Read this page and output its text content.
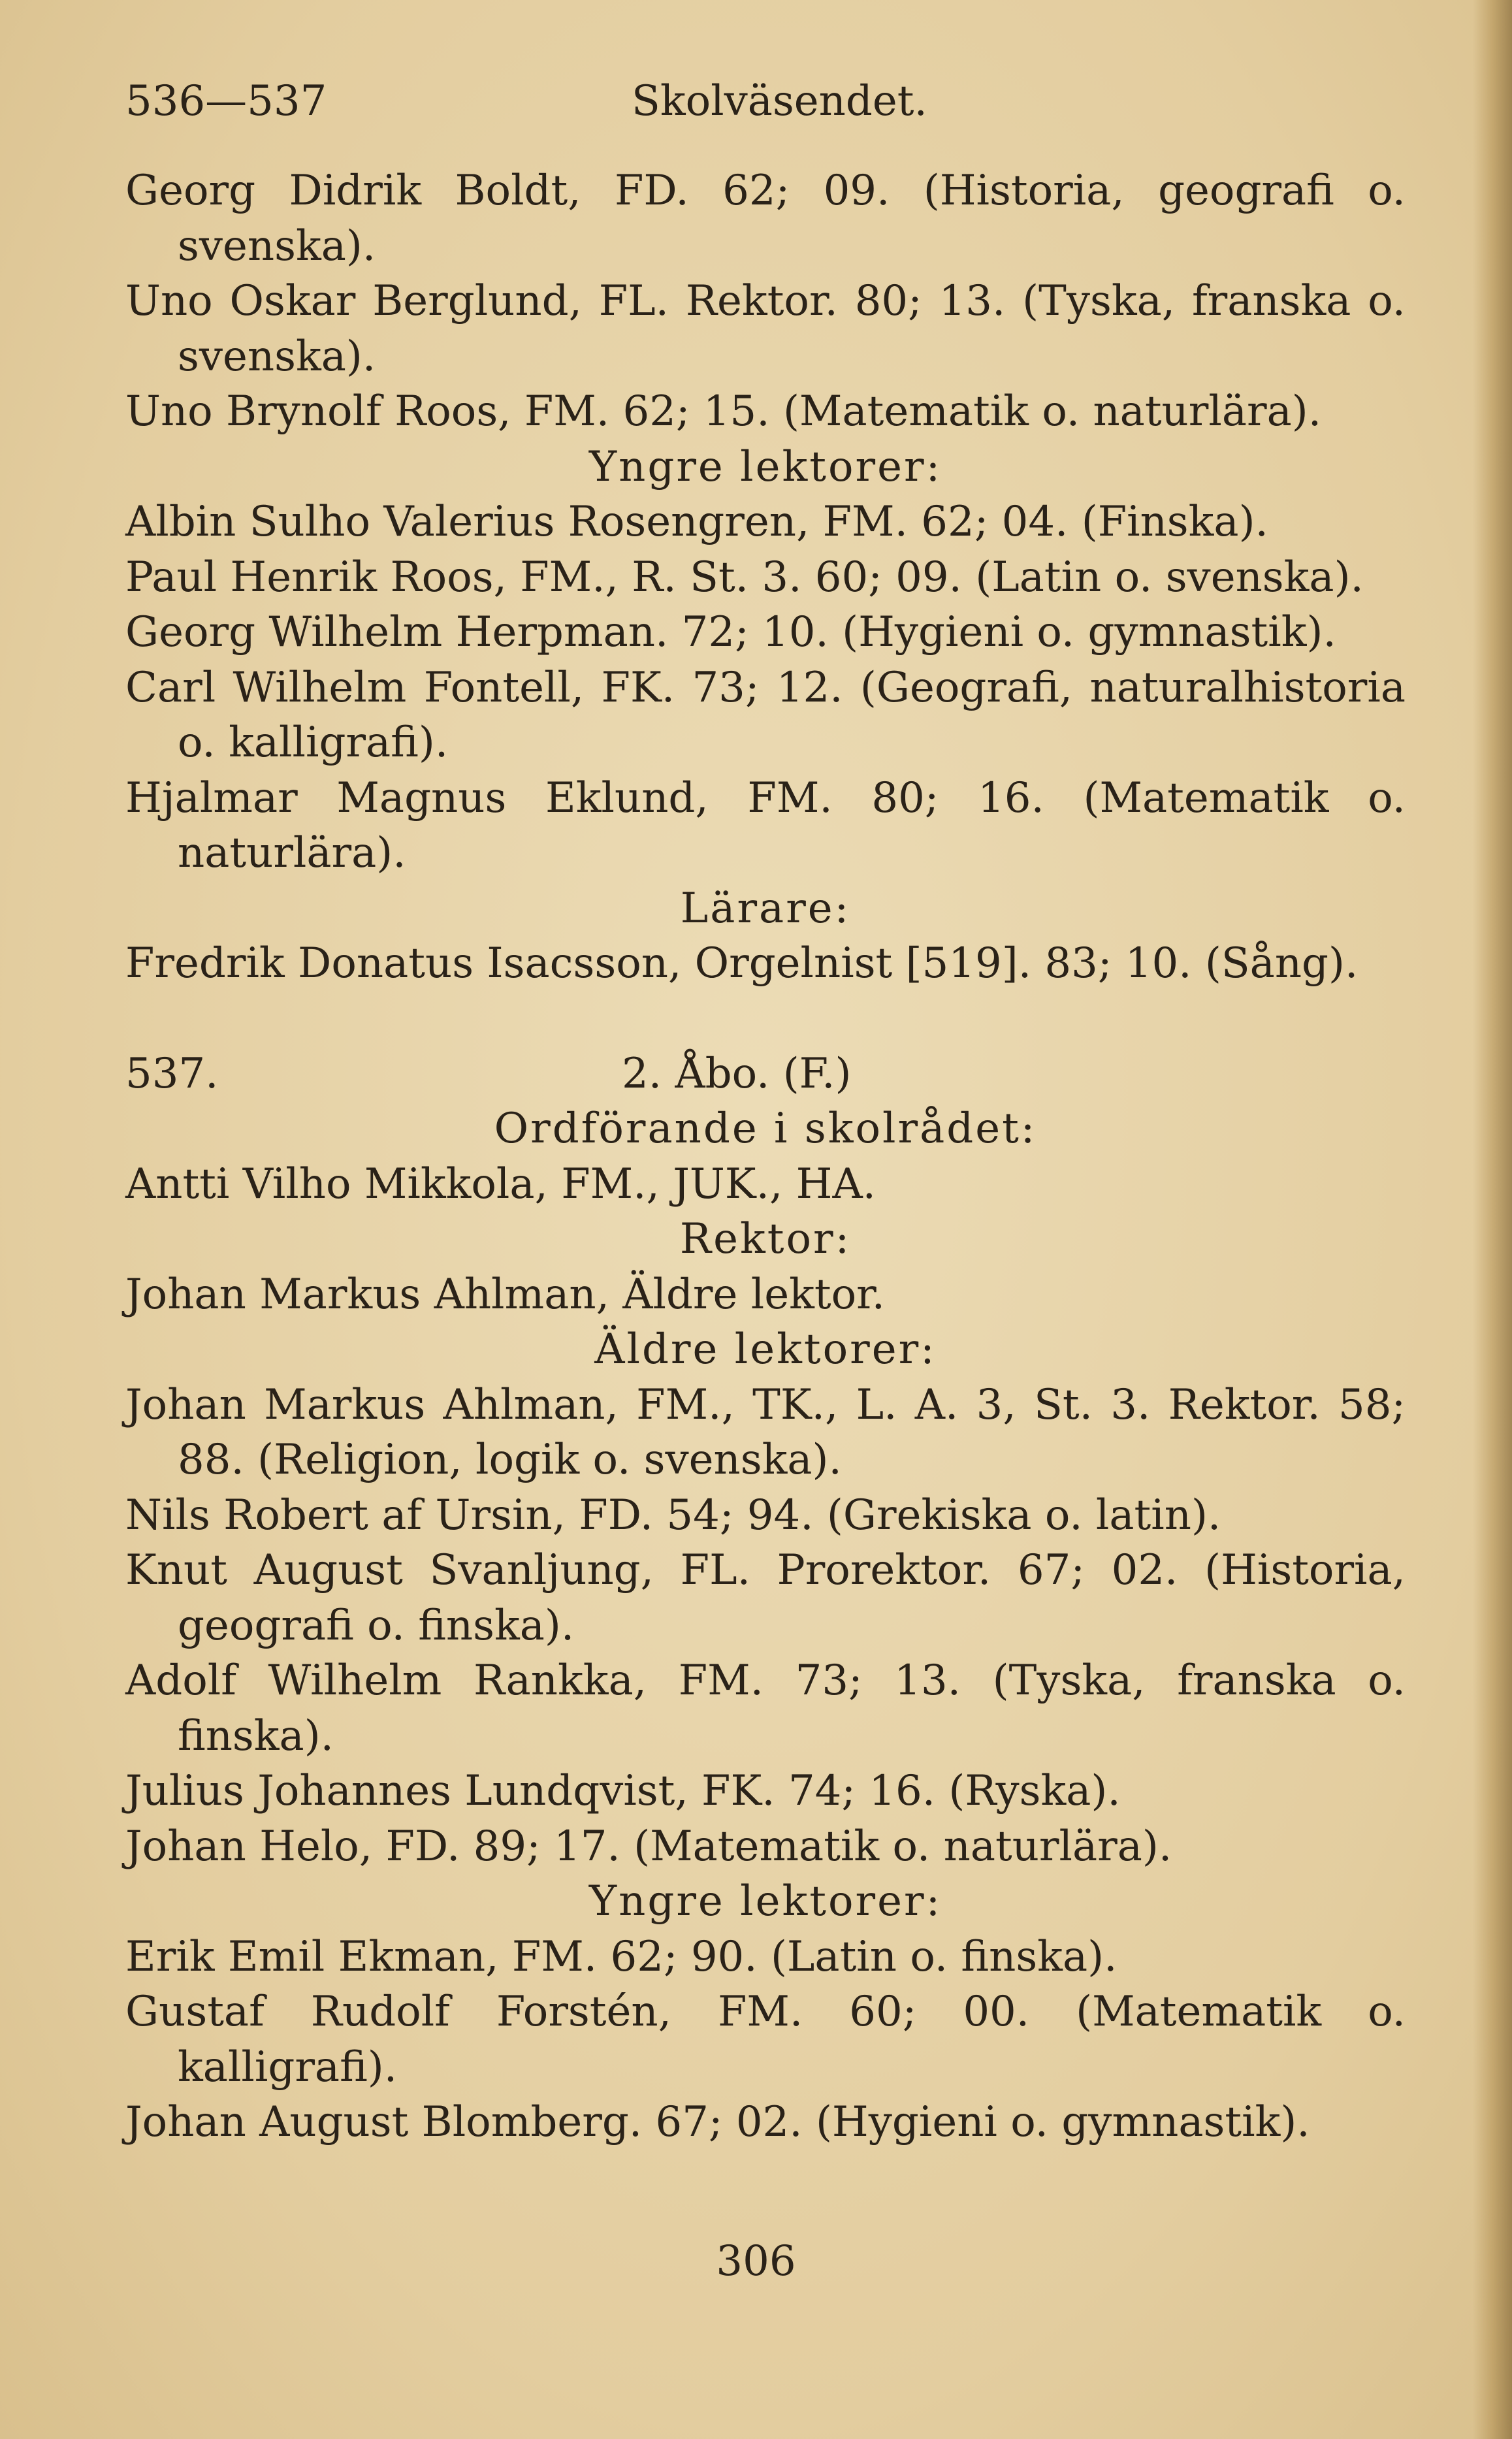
536—537	Skolväsendet.
Georg Didrik Boldt, FD. 62; 09. (Historia, geografi o. svenska).
Uno Oskar Berglund, FL. Rektor. 80; 13. (Tyska, franska o. svenska).
Uno Brynolf Roos, FM. 62; 15. (Matematik o. naturlära).
Yngre lektorer:
Albin Sulho Valerius Rosengren, FM. 62; 04. (Finska).
Paul Henrik Roos, FM., R. St. 3. 60; 09. (Latin o. svenska).
Georg Wilhelm Herpman. 72; 10. (Hygieni o. gymnastik).
Carl Wilhelm Fontell, FK. 73; 12. (Geografi, naturalhistoria o. kalligrafi).
Hjalmar Magnus Eklund, FM. 80; 16. (Matematik o. naturlära).
Lärare:
Fredrik Donatus Isacsson, Orgelnist [519]. 83; 10. (Sång).
537.	2. Åbo. (F.)
Ordförande i skolrådet:
Antti Vilho Mikkola, FM., JUK., HA.
Rektor:
Johan Markus Ahlman, Äldre lektor.
Äldre lektorer:
Johan Markus Ahlman, FM., TK., L. A. 3, St. 3. Rektor. 58; 88. (Religion, logik o. svenska).
Nils Robert af Ursin, FD. 54; 94. (Grekiska o. latin).
Knut August Svanljung, FL. Prorektor. 67; 02. (Historia, geografi o. finska).
Adolf Wilhelm Rankka, FM. 73; 13. (Tyska, franska o. finska).
Julius Johannes Lundqvist, FK. 74; 16. (Ryska).
Johan Helo, FD. 89; 17. (Matematik o. naturlära).
Yngre lektorer:
Erik Emil Ekman, FM. 62; 90. (Latin o. finska).
Gustaf Rudolf Forstén, FM. 60; 00. (Matematik o. kalligrafi).
Johan August Blomberg. 67; 02. (Hygieni o. gymnastik).
306
